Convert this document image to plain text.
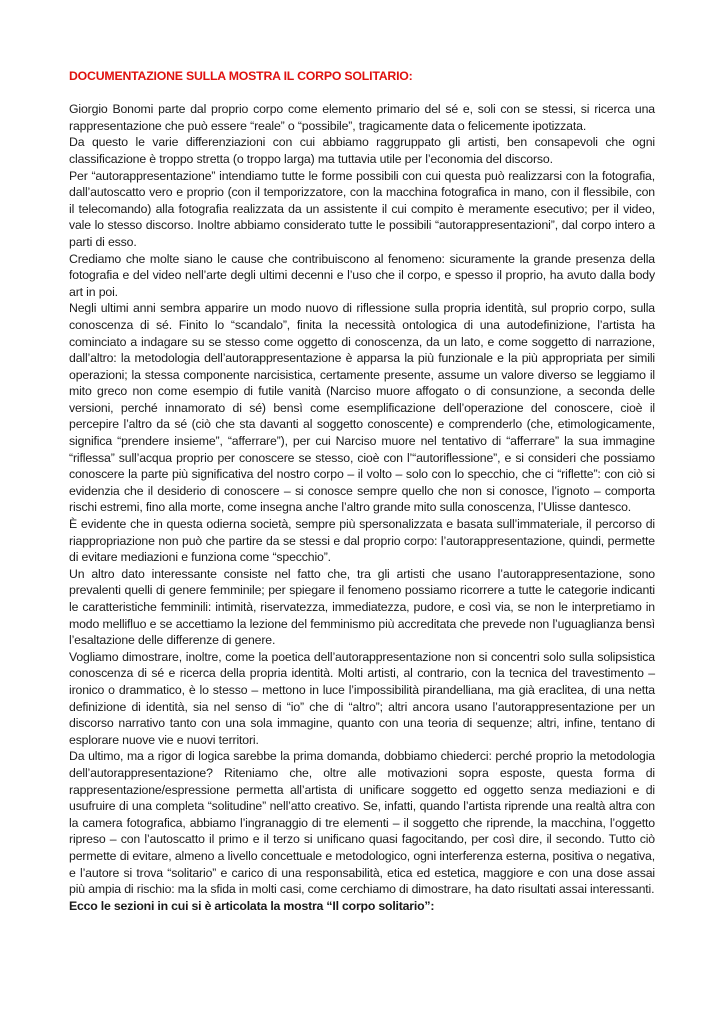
DOCUMENTAZIONE SULLA MOSTRA IL CORPO SOLITARIO:

Giorgio Bonomi parte dal proprio corpo come elemento primario del sé e, soli con se stessi, si ricerca una rappresentazione che può essere “reale” o “possibile”, tragicamente data o felicemente ipotizzata.

Da questo le varie differenziazioni con cui abbiamo raggruppato gli artisti, ben consapevoli che ogni classificazione è troppo stretta (o troppo larga) ma tuttavia utile per l’economia del discorso.

Per “autorappresentazione” intendiamo tutte le forme possibili con cui questa può realizzarsi con la fotografia, dall’autoscatto vero e proprio (con il temporizzatore, con la macchina fotografica in mano, con il flessibile, con il telecomando) alla fotografia realizzata da un assistente il cui compito è meramente esecutivo; per il video, vale lo stesso discorso. Inoltre abbiamo considerato tutte le possibili “autorappresentazioni”, dal corpo intero a parti di esso.

Crediamo che molte siano le cause che contribuiscono al fenomeno: sicuramente la grande presenza della fotografia e del video nell’arte degli ultimi decenni e l’uso che il corpo, e spesso il proprio, ha avuto dalla body art in poi.

Negli ultimi anni sembra apparire un modo nuovo di riflessione sulla propria identità, sul proprio corpo, sulla conoscenza di sé. Finito lo “scandalo”, finita la necessità ontologica di una autodefinizione, l’artista ha cominciato a indagare su se stesso come oggetto di conoscenza, da un lato, e come soggetto di narrazione, dall’altro: la metodologia dell’autorappresentazione è apparsa la più funzionale e la più appropriata per simili operazioni; la stessa componente narcisistica, certamente presente, assume un valore diverso se leggiamo il mito greco non come esempio di futile vanità (Narciso muore affogato o di consunzione, a seconda delle versioni, perché innamorato di sé) bensì come esemplificazione dell’operazione del conoscere, cioè il percepire l’altro da sé (ciò che sta davanti al soggetto conoscente) e comprenderlo (che, etimologicamente, significa “prendere insieme”, “afferrare”), per cui Narciso muore nel tentativo di “afferrare” la sua immagine “riflessa” sull’acqua proprio per conoscere se stesso, cioè con l’“autoriflessione”, e si consideri che possiamo conoscere la parte più significativa del nostro corpo – il volto – solo con lo specchio, che ci “riflette”: con ciò si evidenzia che il desiderio di conoscere – si conosce sempre quello che non si conosce, l’ignoto – comporta rischi estremi, fino alla morte, come insegna anche l’altro grande mito sulla conoscenza, l’Ulisse dantesco.

È evidente che in questa odierna società, sempre più spersonalizzata e basata sull’immateriale, il percorso di riappropriazione non può che partire da se stessi e dal proprio corpo: l’autorappresentazione, quindi, permette di evitare mediazioni e funziona come “specchio”.

Un altro dato interessante consiste nel fatto che, tra gli artisti che usano l’autorappresentazione, sono prevalenti quelli di genere femminile; per spiegare il fenomeno possiamo ricorrere a tutte le categorie indicanti le caratteristiche femminili: intimità, riservatezza, immediatezza, pudore, e così via, se non le interpretiamo in modo mellifluo e se accettiamo la lezione del femminismo più accreditata che prevede non l’uguaglianza bensì l’esaltazione delle differenze di genere.

Vogliamo dimostrare, inoltre, come la poetica dell’autorappresentazione non si concentri solo sulla solipsistica conoscenza di sé e ricerca della propria identità. Molti artisti, al contrario, con la tecnica del travestimento – ironico o drammatico, è lo stesso – mettono in luce l’impossibilità pirandelliana, ma già eraclitea, di una netta definizione di identità, sia nel senso di “io” che di “altro”; altri ancora usano l’autorappresentazione per un discorso narrativo tanto con una sola immagine, quanto con una teoria di sequenze; altri, infine, tentano di esplorare nuove vie e nuovi territori.

Da ultimo, ma a rigor di logica sarebbe la prima domanda, dobbiamo chiederci: perché proprio la metodologia dell’autorappresentazione? Riteniamo che, oltre alle motivazioni sopra esposte, questa forma di rappresentazione/espressione permetta all’artista di unificare soggetto ed oggetto senza mediazioni e di usufruire di una completa “solitudine” nell’atto creativo. Se, infatti, quando l’artista riprende una realtà altra con la camera fotografica, abbiamo l’ingranaggio di tre elementi – il soggetto che riprende, la macchina, l’oggetto ripreso – con l’autoscatto il primo e il terzo si unificano quasi fagocitando, per così dire, il secondo. Tutto ciò permette di evitare, almeno a livello concettuale e metodologico, ogni interferenza esterna, positiva o negativa, e l’autore si trova “solitario” e carico di una responsabilità, etica ed estetica, maggiore e con una dose assai più ampia di rischio: ma la sfida in molti casi, come cerchiamo di dimostrare, ha dato risultati assai interessanti.

Ecco le sezioni in cui si è articolata la mostra “Il corpo solitario”:
